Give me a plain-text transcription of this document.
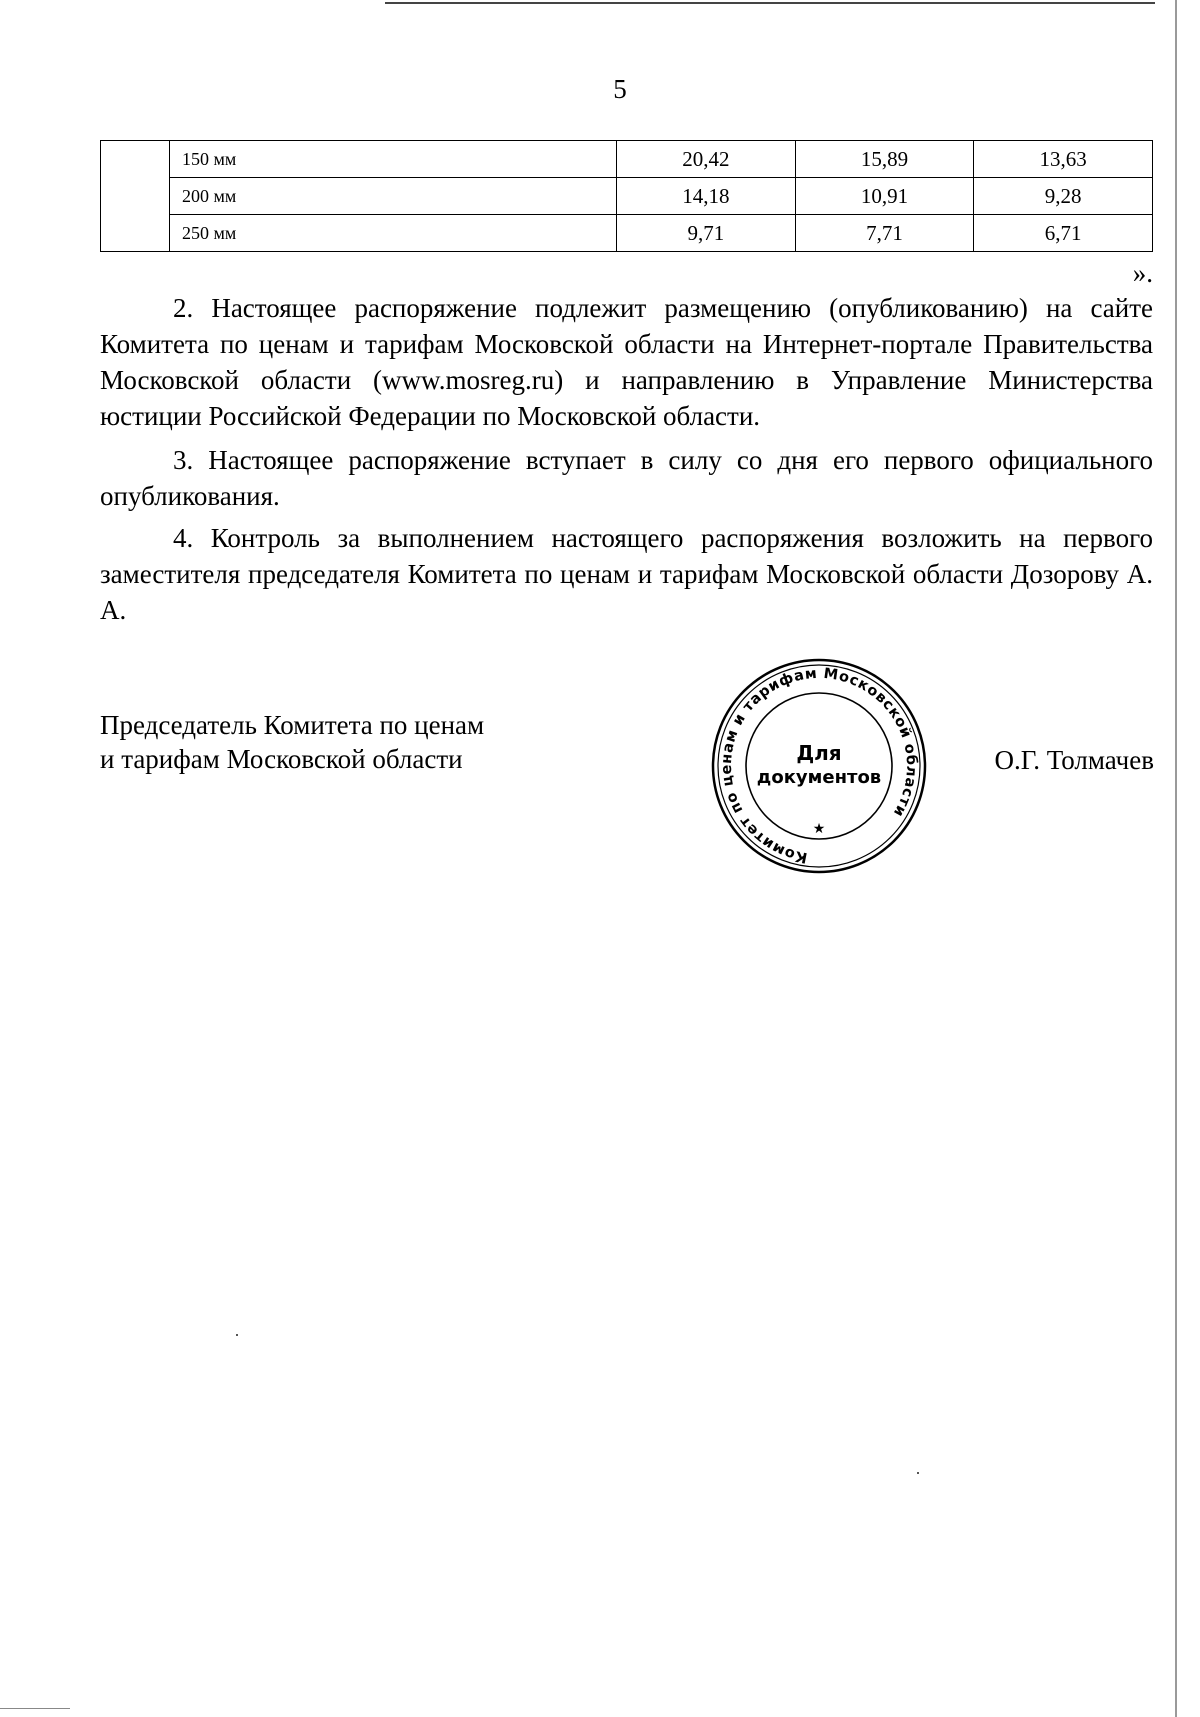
5
	150 мм	20,42	15,89	13,63
	200 мм	14,18	10,91	9,28
	250 мм	9,71	7,71	6,71
».

2. Настоящее распоряжение подлежит размещению (опубликованию) на сайте Комитета по ценам и тарифам Московской области на Интернет-портале Правительства Московской области (www.mosreg.ru) и направлению в Управление Министерства юстиции Российской Федерации по Московской области.

3. Настоящее распоряжение вступает в силу со дня его первого официального опубликования.

4. Контроль за выполнением настоящего распоряжения возложить на первого заместителя председателя Комитета по ценам и тарифам Московской области Дозорову А. А.

Председатель Комитета по ценам
и тарифам Московской области
Комитет по ценам и тарифам Московской области
★
Для
документов
О.Г. Толмачев
